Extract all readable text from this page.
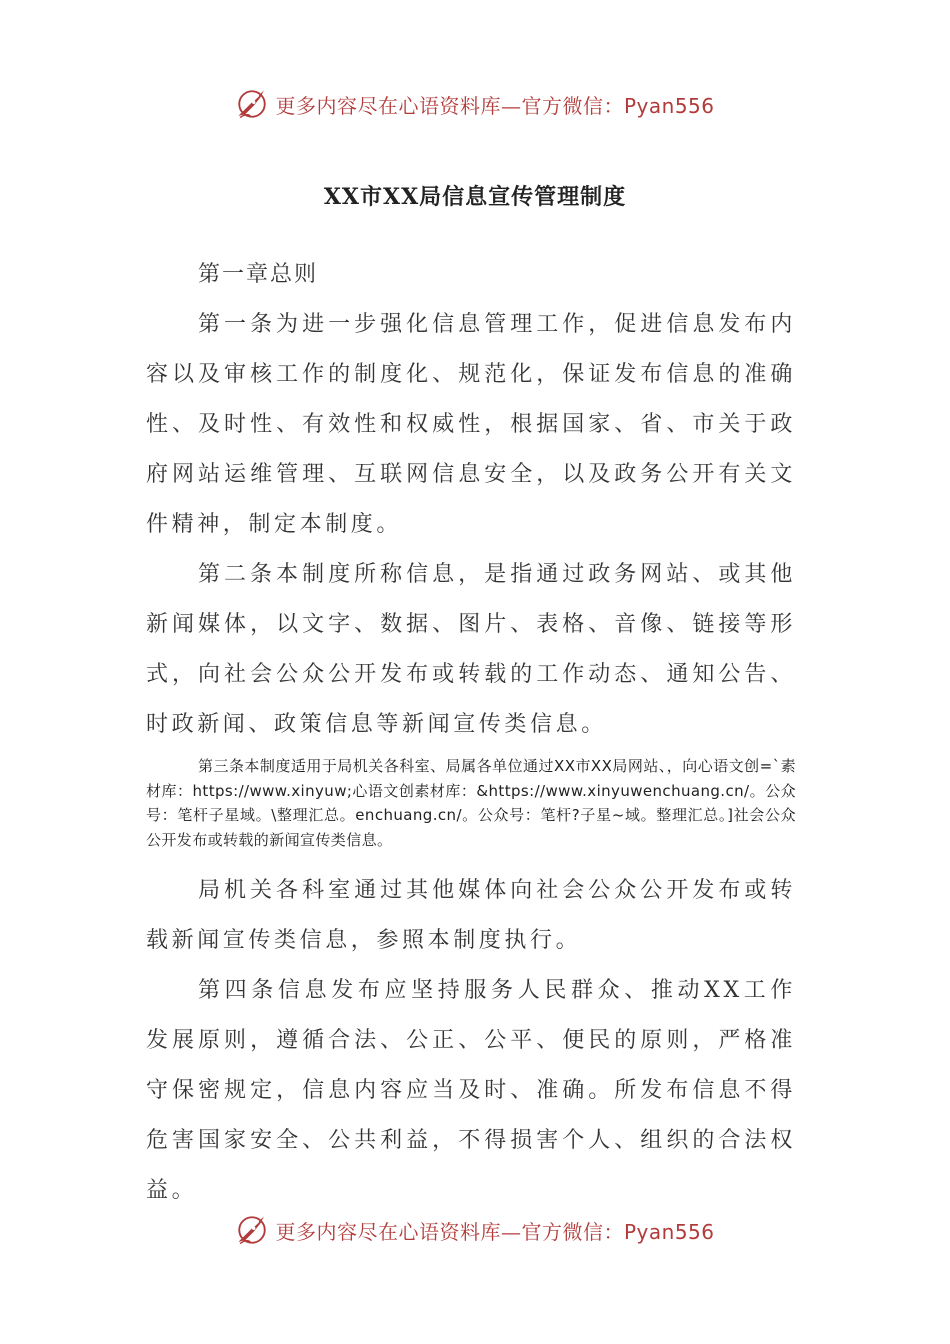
更多内容尽在心语资料库—官方微信：Pyan556
XX市XX局信息宣传管理制度
第一章总则

第一条为进一步强化信息管理工作，促进信息发布内容以及审核工作的制度化、规范化，保证发布信息的准确性、及时性、有效性和权威性，根据国家、省、市关于政府网站运维管理、互联网信息安全，以及政务公开有关文件精神，制定本制度。

第二条本制度所称信息，是指通过政务网站、或其他新闻媒体，以文字、数据、图片、表格、音像、链接等形式，向社会公众公开发布或转载的工作动态、通知公告、时政新闻、政策信息等新闻宣传类信息。

第三条本制度适用于局机关各科室、局属各单位通过XX市XX局网站、，向心语文创=`素材库：https://www.xinyuw;心语文创素材库：&https://www.xinyuwenchuang.cn/。公众号：笔杆子星域。\整理汇总。enchuang.cn/。公众号：笔杆?子星~域。整理汇总。]社会公众公开发布或转载的新闻宣传类信息。

局机关各科室通过其他媒体向社会公众公开发布或转载新闻宣传类信息，参照本制度执行。

第四条信息发布应坚持服务人民群众、推动XX工作发展原则，遵循合法、公正、公平、便民的原则，严格准守保密规定，信息内容应当及时、准确。所发布信息不得危害国家安全、公共利益，不得损害个人、组织的合法权益。

更多内容尽在心语资料库—官方微信：Pyan556
